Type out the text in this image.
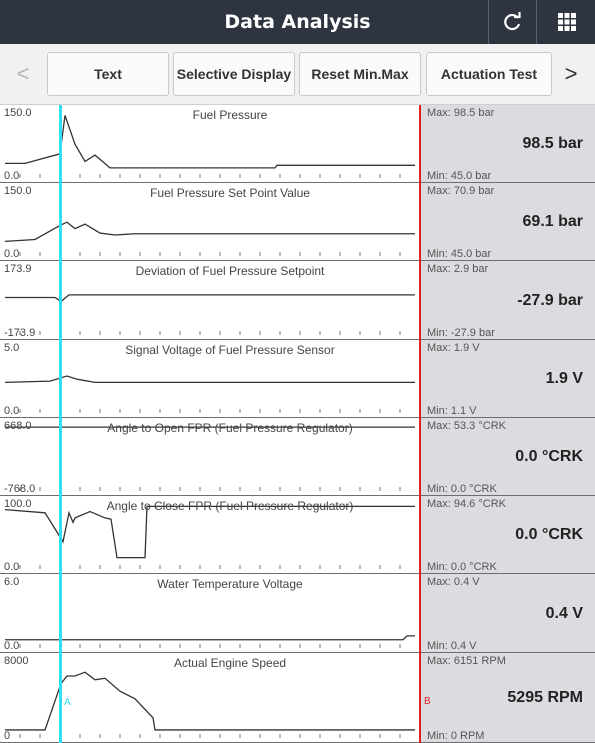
Data Analysis
<	Text	Selective Display	Reset Min.Max	Actuation Test	>
150.0
0.0
Fuel Pressure	Max: 98.5 bar
98.5 bar
Min: 45.0 bar
150.0
0.0
Fuel Pressure Set Point Value	Max: 70.9 bar
69.1 bar
Min: 45.0 bar
173.9
-173.9
Deviation of Fuel Pressure Setpoint	Max: 2.9 bar
-27.9 bar
Min: -27.9 bar
5.0
0.0
Signal Voltage of Fuel Pressure Sensor	Max: 1.9 V
1.9 V
Min: 1.1 V
668.0
-768.0
Angle to Open FPR (Fuel Pressure Regulator)	Max: 53.3 °CRK
0.0 °CRK
Min: 0.0 °CRK
100.0
0.0
Angle to Close FPR (Fuel Pressure Regulator)	Max: 94.6 °CRK
0.0 °CRK
Min: 0.0 °CRK
6.0
0.0
Water Temperature Voltage	Max: 0.4 V
0.4 V
Min: 0.4 V
8000
0
Actual Engine Speed	Max: 6151 RPM
5295 RPM
Min: 0 RPM
A	B
